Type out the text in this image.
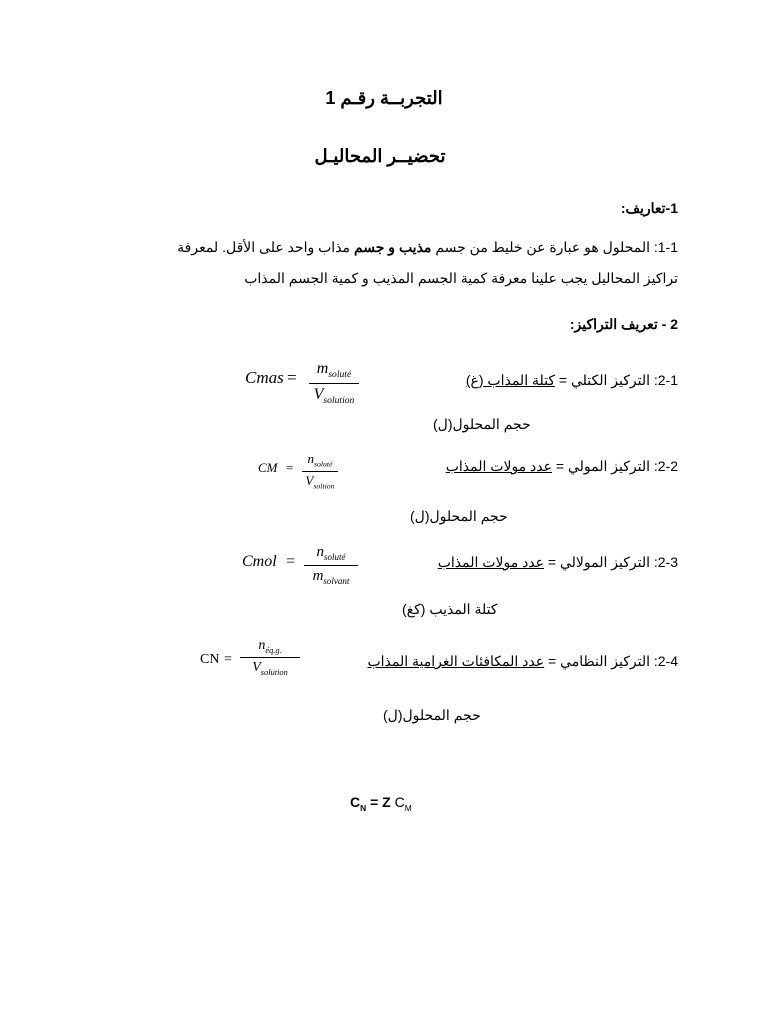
التجربــة رقـم 1
تحضيــر المحاليـل
1-تعاريف:
1-1: المحلول هو عبارة عن خليط من جسم مذيب و جسم مذاب واحد على الأقل. لمعرفة
تراكيز المحاليل يجب علينا معرفة كمية الجسم المذيب و كمية الجسم المذاب
2 - تعريف التراكيز:
2-1: التركيز الكتلي = كتلة المذاب (غ)
حجم المحلول(ل)
Cmas = $m_{soluté}$
$V_{solution}$
2-2: التركيز المولي = عدد مولات المذاب
حجم المحلول(ل)
CM =
$n_{soluté}$
$V_{soltion}$
2-3: التركيز المولالي = عدد مولات المذاب
كتلة المذيب (كغ)
Cmol =
$n_{soluté}$
$m_{solvant}$
2-4: التركيز النظامي = عدد المكافئات الغرامية المذاب
حجم المحلول(ل)
CN =
$n_{éq.g.}$
$V_{solution}$
$C_N = Z$ $C_M$
